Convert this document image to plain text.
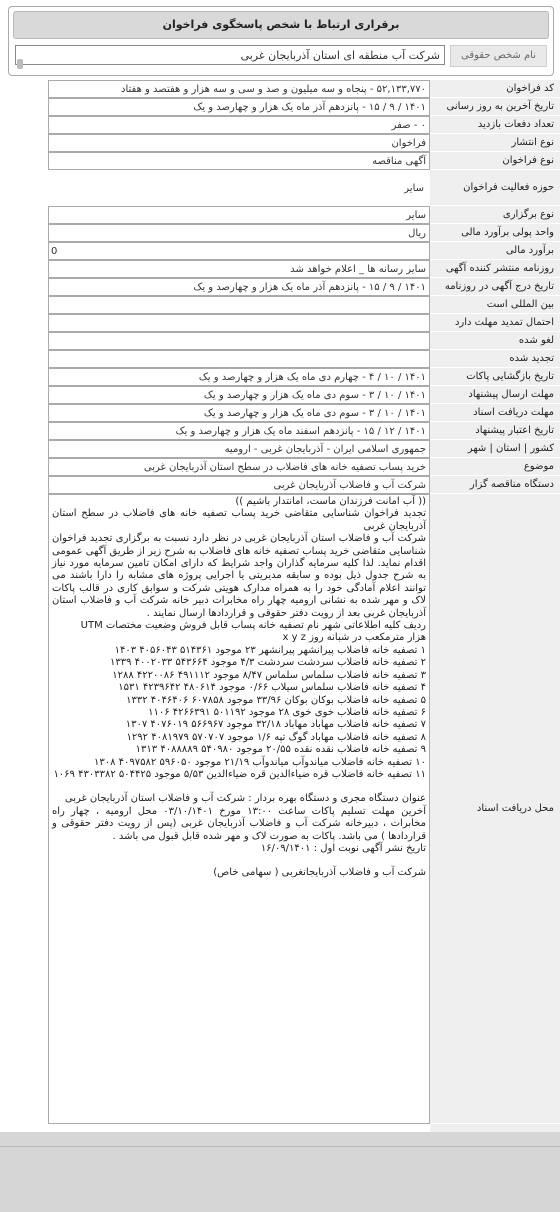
برقراری ارتباط با شخص پاسخگوی فراخوان
نام شخص حقوقی
شرکت آب منطقه ای استان آذربایجان غربی
کد فراخوان
۵۲,۱۳۳,۷۷۰ - پنجاه و سه میلیون و صد و سی و سه هزار و هفتصد و هفتاد
تاریخ آخرین به روز رسانی
۱۴۰۱ / ۹ / ۱۵ - پانزدهم آذر ماه یک هزار و چهارصد و یک
تعداد دفعات بازدید
۰ - صفر
نوع انتشار
فراخوان
نوع فراخوان
آگهی مناقصه
حوزه فعالیت فراخوان
سایر
نوع برگزاری
سایر
واحد پولی برآورد مالی
ریال
برآورد مالی
0
روزنامه منتشر کننده آگهی
سایر رسانه ها _ اعلام خواهد شد
تاریخ درج آگهی در روزنامه
۱۴۰۱ / ۹ / ۱۵ - پانزدهم آذر ماه یک هزار و چهارصد و یک
بین المللی است
احتمال تمدید مهلت دارد
لغو شده
تجدید شده
تاریخ بازگشایی پاکات
۱۴۰۱ / ۱۰ / ۴ - چهارم دی ماه یک هزار و چهارصد و یک
مهلت ارسال پیشنهاد
۱۴۰۱ / ۱۰ / ۳ - سوم دی ماه یک هزار و چهارصد و یک
مهلت دریافت اسناد
۱۴۰۱ / ۱۰ / ۳ - سوم دی ماه یک هزار و چهارصد و یک
تاریخ اعتبار پیشنهاد
۱۴۰۱ / ۱۲ / ۱۵ - پانزدهم اسفند ماه یک هزار و چهارصد و یک
کشور | استان | شهر
جمهوری اسلامی ایران - آذربایجان غربی - ارومیه
موضوع
خرید پساب تصفیه خانه های فاضلاب در سطح استان آذربایجان غربی
دستگاه مناقصه گزار
شرکت آب و فاضلاب آذربایجان غربی
محل دریافت اسناد

(( آب امانت فرزندان ماست، امانتدار باشیم ))

تجدید فراخوان شناسایی متقاضی خرید پساب تصفیه خانه های فاضلاب در سطح استان آذربایجان غربی

شرکت آب و فاضلاب استان آذربایجان غربی در نظر دارد نسبت به برگزاری تجدید فراخوان شناسایی متقاضی خرید پساب تصفیه خانه های فاضلاب به شرح زیر از طریق آگهی عمومی اقدام نماید. لذا کلیه سرمایه گذاران واجد شرایط که دارای امکان تامین سرمایه مورد نیاز به شرح جدول ذیل بوده و سابقه مدیریتی یا اجرایی پروژه های مشابه را دارا باشند می توانند اعلام آمادگی خود را به همراه مدارک هویتی شرکت و سوابق کاری در قالب پاکات لاک و مهر شده به نشانی ارومیه چهار راه مخابرات دبیر خانه شرکت آب و فاضلاب استان آذربایجان غربی بعد از رویت دفتر حقوقی و قراردادها ارسال نمایند .

ردیف کلیه اطلاعاتی شهر نام تصفیه خانه پساب قابل فروش وضعیت مختصات UTM

هزار مترمکعب در شبانه روز x y z

۱ تصفیه خانه فاضلاب پیرانشهر پیرانشهر ۲۳ موجود ۵۱۴۳۶۱ ۴۰۵۶۰۴۳ ۱۴۰۳

۲ تصفیه خانه فاضلاب سردشت سردشت ۴/۳ موجود ۵۴۳۶۶۴ ۴۰۰۲۰۳۳ ۱۳۳۹

۳ تصفیه خانه فاضلاب سلماس سلماس ۸/۴۷ موجود ۴۹۱۱۱۲ ۴۲۲۰۰۸۶ ۱۲۸۸

۴ تصفیه خانه فاضلاب سلماس سیلاب ۰/۶۶ موجود ۴۸۰۶۱۴ ۴۲۳۹۶۴۲ ۱۵۳۱

۵ تصفیه خانه فاضلاب بوکان بوکان ۳۳/۹۶ موجود ۶۰۷۸۵۸ ۴۰۴۶۴۰۶ ۱۳۳۲

۶ تصفیه خانه فاضلاب خوی خوی ۲۸ موجود ۵۰۱۱۹۲ ۴۲۶۶۳۹۱ ۱۱۰۶

۷ تصفیه خانه فاضلاب مهاباد مهاباد ۳۲/۱۸ موجود ۵۶۶۹۶۷ ۴۰۷۶۰۱۹ ۱۳۰۷

۸ تصفیه خانه فاضلاب مهاباد گوگ تپه ۱/۶ موجود ۵۷۰۷۰۷ ۴۰۸۱۹۷۹ ۱۲۹۲

۹ تصفیه خانه فاضلاب نقده نقده ۲۰/۵۵ موجود ۵۴۰۹۸۰ ۴۰۸۸۸۸۹ ۱۳۱۳

۱۰ تصفیه خانه فاضلاب میاندوآب میاندوآب ۲۱/۱۹ موجود ۵۹۶۰۵۰ ۴۰۹۷۵۸۲ ۱۳۰۸

۱۱ تصفیه خانه فاضلاب قره ضیاءالدین قره ضیاءالدین ۵/۵۳ موجود ۵۰۴۴۲۵ ۴۳۰۳۳۸۲ ۱۰۶۹

عنوان دستگاه مجری و دستگاه بهره بردار : شرکت آب و فاضلاب استان آذربایجان غربی

آخرین مهلت تسلیم پاکات ساعت ۱۳:۰۰ مورخ ۰۳/۱۰/۱۴۰۱ محل ارومیه ، چهار راه مخابرات ، دبیرخانه شرکت آب و فاضلاب آذربایجان غربی (پس از رویت دفتر حقوقی و قراردادها ) می باشد. پاکات به صورت لاک و مهر شده قابل قبول می باشد .

تاریخ نشر آگهی نوبت اول : ۱۶/۰۹/۱۴۰۱

شرکت آب و فاضلاب آذربایجانغربی ( سهامی خاص)
